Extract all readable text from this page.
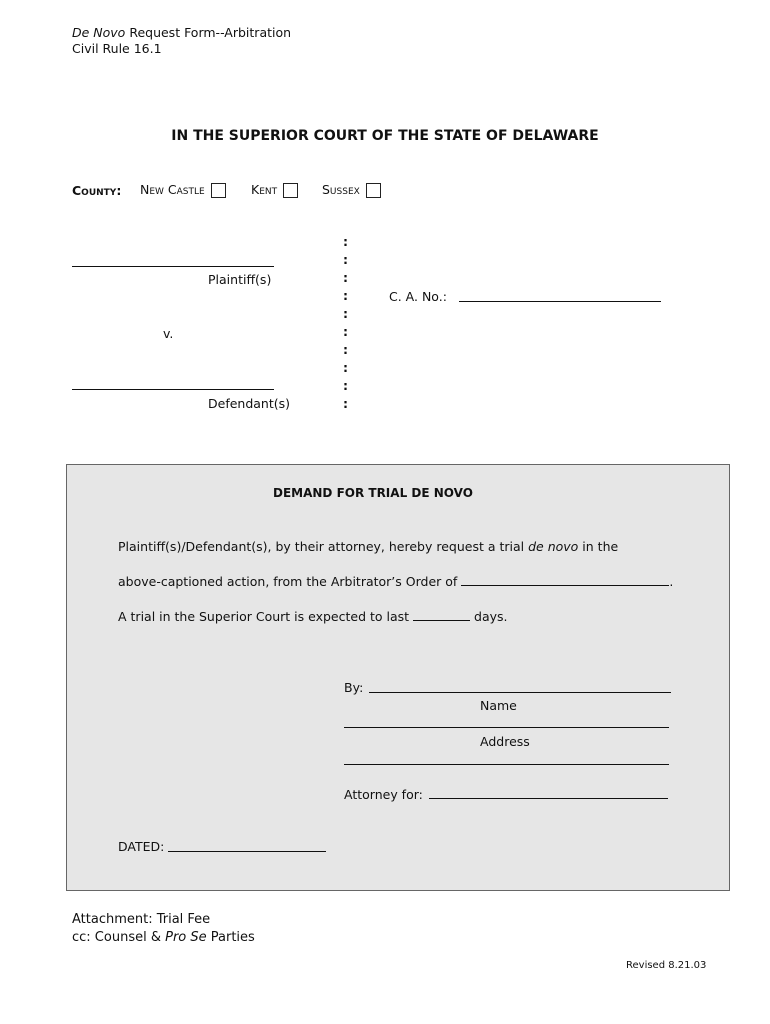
De Novo Request Form--Arbitration
Civil Rule 16.1
IN THE SUPERIOR COURT OF THE STATE OF DELAWARE
County: New Castle	Kent	Sussex
Plaintiff(s)
v.
Defendant(s)
:
:
:
:
:
:
:
:
:
:
C. A. No.:
DEMAND FOR TRIAL DE NOVO
Plaintiff(s)/Defendant(s), by their attorney, hereby request a trial de novo in the
above-captioned action, from the Arbitrator’s Order of	.
A trial in the Superior Court is expected to last	days.
By:
Name
Address
Attorney for:
DATED:
Attachment: Trial Fee
cc: Counsel & Pro Se Parties
Revised 8.21.03
